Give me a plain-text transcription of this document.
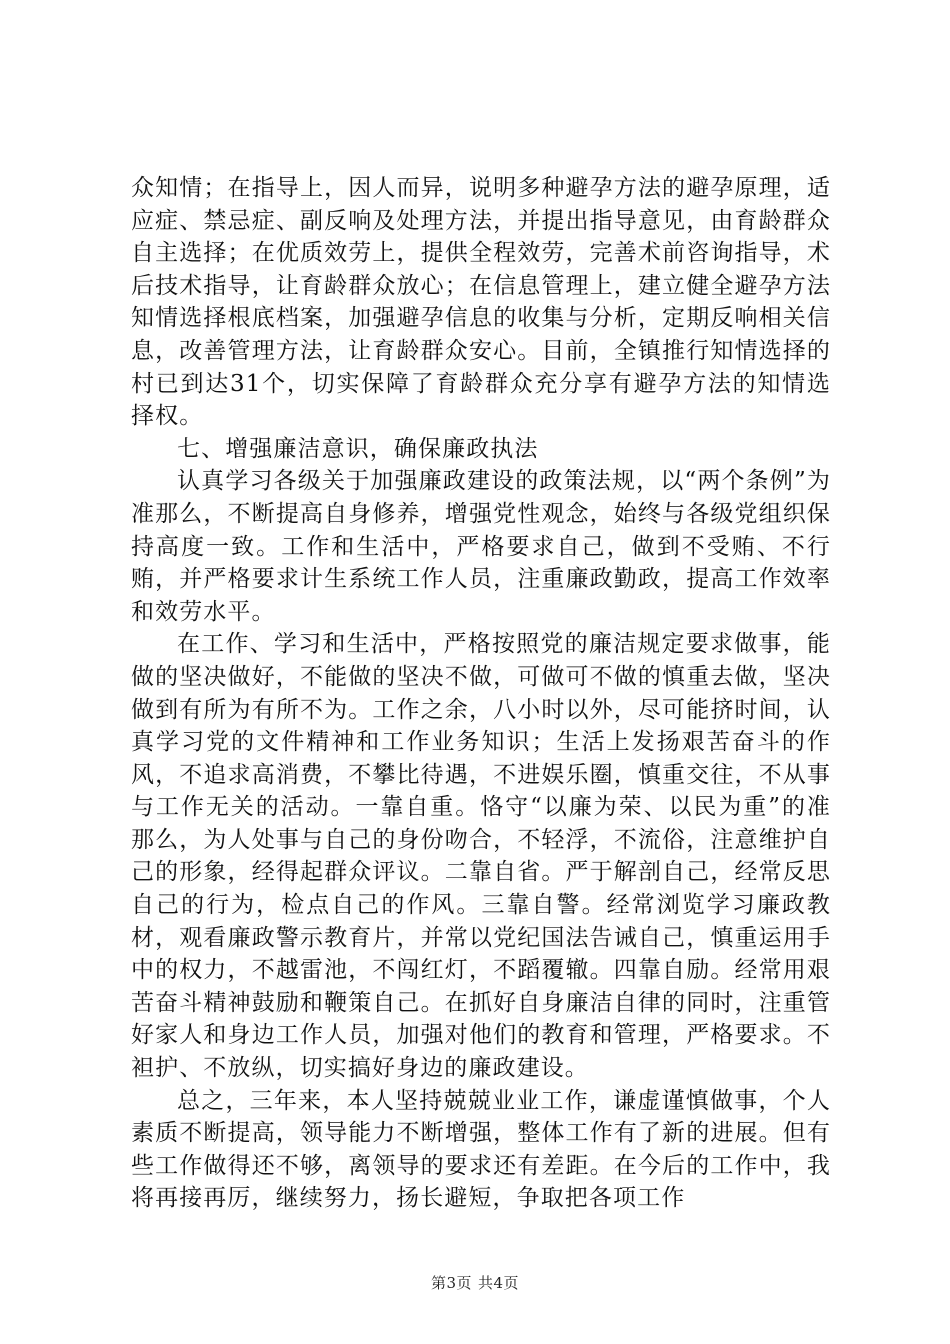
众知情；在指导上，因人而异，说明多种避孕方法的避孕原理，适应症、禁忌症、副反响及处理方法，并提出指导意见，由育龄群众自主选择；在优质效劳上，提供全程效劳，完善术前咨询指导，术后技术指导，让育龄群众放心；在信息管理上，建立健全避孕方法知情选择根底档案，加强避孕信息的收集与分析，定期反响相关信息，改善管理方法，让育龄群众安心。目前，全镇推行知情选择的村已到达31个，切实保障了育龄群众充分享有避孕方法的知情选择权。

七、增强廉洁意识，确保廉政执法

认真学习各级关于加强廉政建设的政策法规，以“两个条例”为准那么，不断提高自身修养，增强党性观念，始终与各级党组织保持高度一致。工作和生活中，严格要求自己，做到不受贿、不行贿，并严格要求计生系统工作人员，注重廉政勤政，提高工作效率和效劳水平。

在工作、学习和生活中，严格按照党的廉洁规定要求做事，能做的坚决做好，不能做的坚决不做，可做可不做的慎重去做，坚决做到有所为有所不为。工作之余，八小时以外，尽可能挤时间，认真学习党的文件精神和工作业务知识；生活上发扬艰苦奋斗的作风，不追求高消费，不攀比待遇，不进娱乐圈，慎重交往，不从事与工作无关的活动。一靠自重。恪守“以廉为荣、以民为重”的准那么，为人处事与自己的身份吻合，不轻浮，不流俗，注意维护自己的形象，经得起群众评议。二靠自省。严于解剖自己，经常反思自己的行为，检点自己的作风。三靠自警。经常浏览学习廉政教材，观看廉政警示教育片，并常以党纪国法告诫自己，慎重运用手中的权力，不越雷池，不闯红灯，不蹈覆辙。四靠自励。经常用艰苦奋斗精神鼓励和鞭策自己。在抓好自身廉洁自律的同时，注重管好家人和身边工作人员，加强对他们的教育和管理，严格要求。不袒护、不放纵，切实搞好身边的廉政建设。

总之，三年来，本人坚持兢兢业业工作，谦虚谨慎做事，个人素质不断提高，领导能力不断增强，整体工作有了新的进展。但有些工作做得还不够，离领导的要求还有差距。在今后的工作中，我将再接再厉，继续努力，扬长避短，争取把各项工作

第3页 共4页
